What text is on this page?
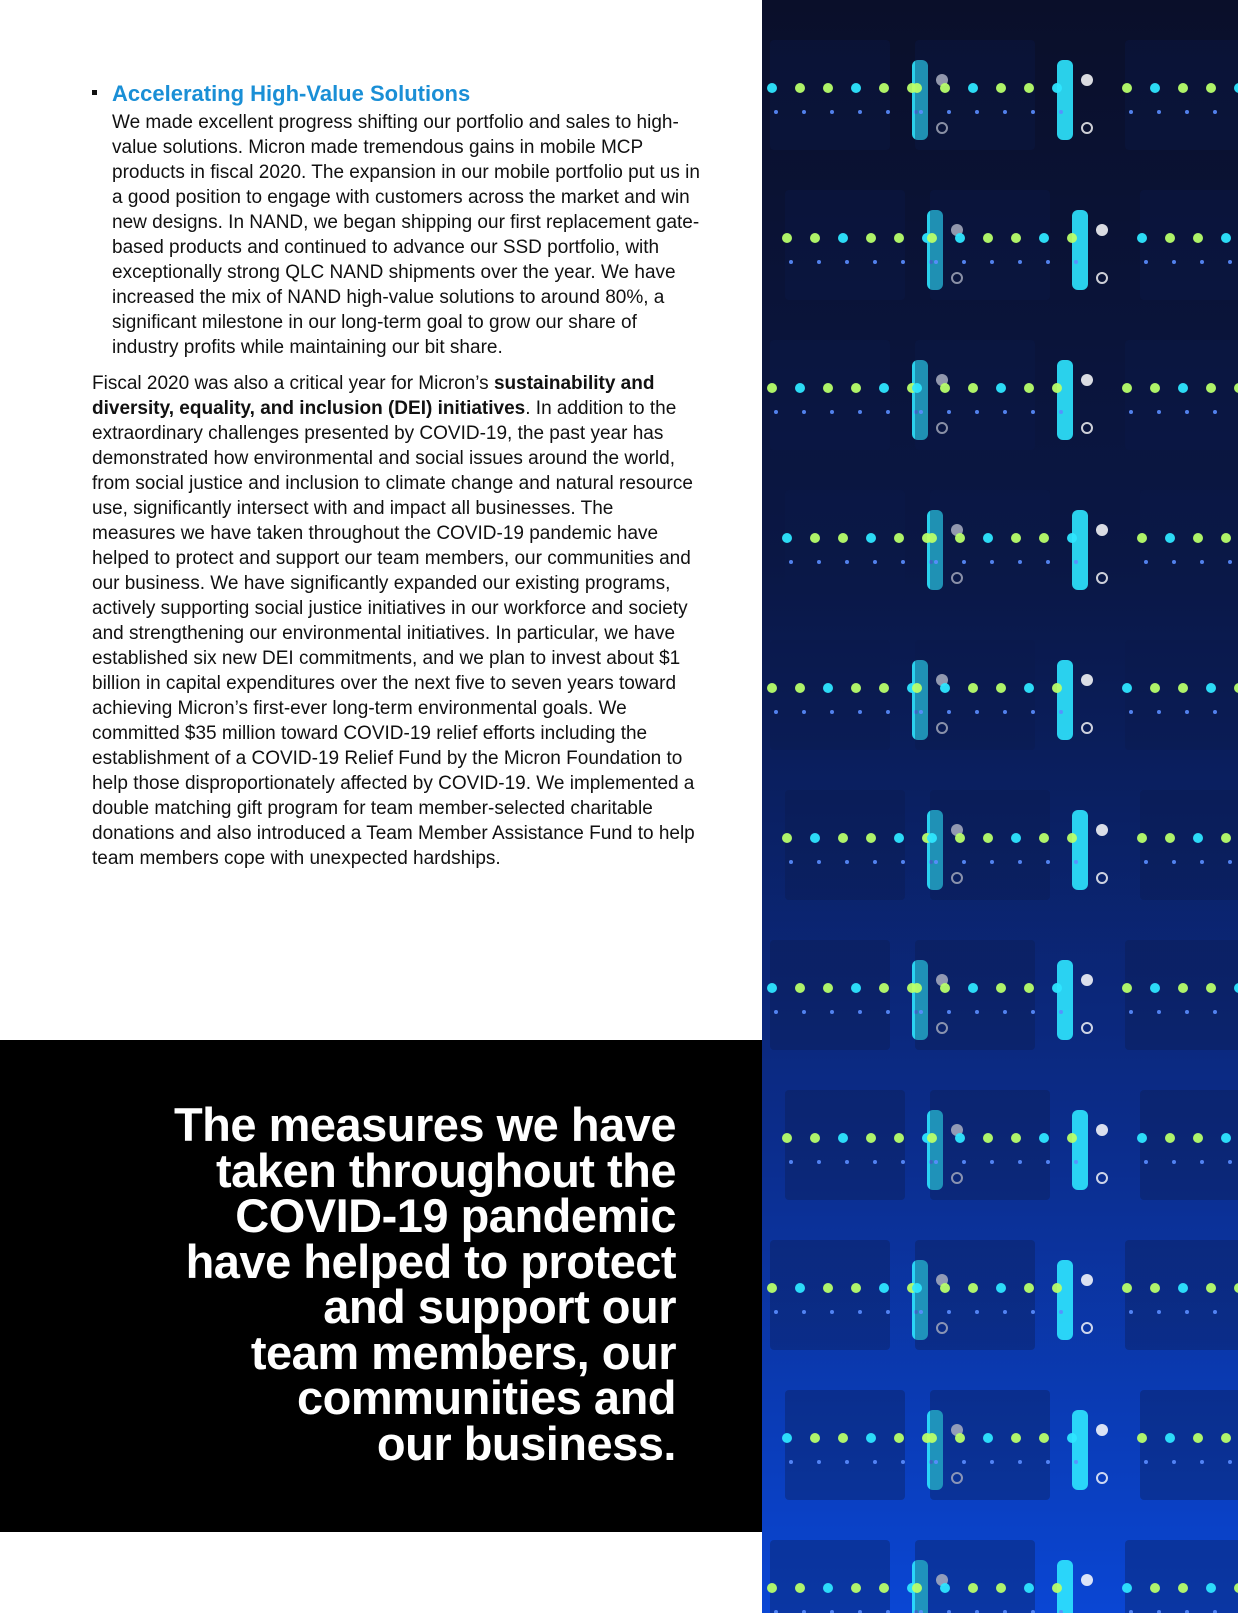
Accelerating High-Value Solutions
We made excellent progress shifting our portfolio and sales to high-value solutions. Micron made tremendous gains in mobile MCP products in fiscal 2020. The expansion in our mobile portfolio put us in a good position to engage with customers across the market and win new designs. In NAND, we began shipping our first replacement gate-based products and continued to advance our SSD portfolio, with exceptionally strong QLC NAND shipments over the year. We have increased the mix of NAND high-value solutions to around 80%, a significant milestone in our long-term goal to grow our share of industry profits while maintaining our bit share.

Fiscal 2020 was also a critical year for Micron’s sustainability and diversity, equality, and inclusion (DEI) initiatives. In addition to the extraordinary challenges presented by COVID-19, the past year has demonstrated how environmental and social issues around the world, from social justice and inclusion to climate change and natural resource use, significantly intersect with and impact all businesses. The measures we have taken throughout the COVID-19 pandemic have helped to protect and support our team members, our communities and our business. We have significantly expanded our existing programs, actively supporting social justice initiatives in our workforce and society and strengthening our environmental initiatives. In particular, we have established six new DEI commitments, and we plan to invest about $1 billion in capital expenditures over the next five to seven years toward achieving Micron’s first-ever long-term environmental goals. We committed $35 million toward COVID-19 relief efforts including the establishment of a COVID-19 Relief Fund by the Micron Foundation to help those disproportionately affected by COVID-19. We implemented a double matching gift program for team member-selected charitable donations and also introduced a Team Member Assistance Fund to help team members cope with unexpected hardships.

The measures we have
taken throughout the
COVID-19 pandemic
have helped to protect
and support our
team members, our
communities and
our business.
